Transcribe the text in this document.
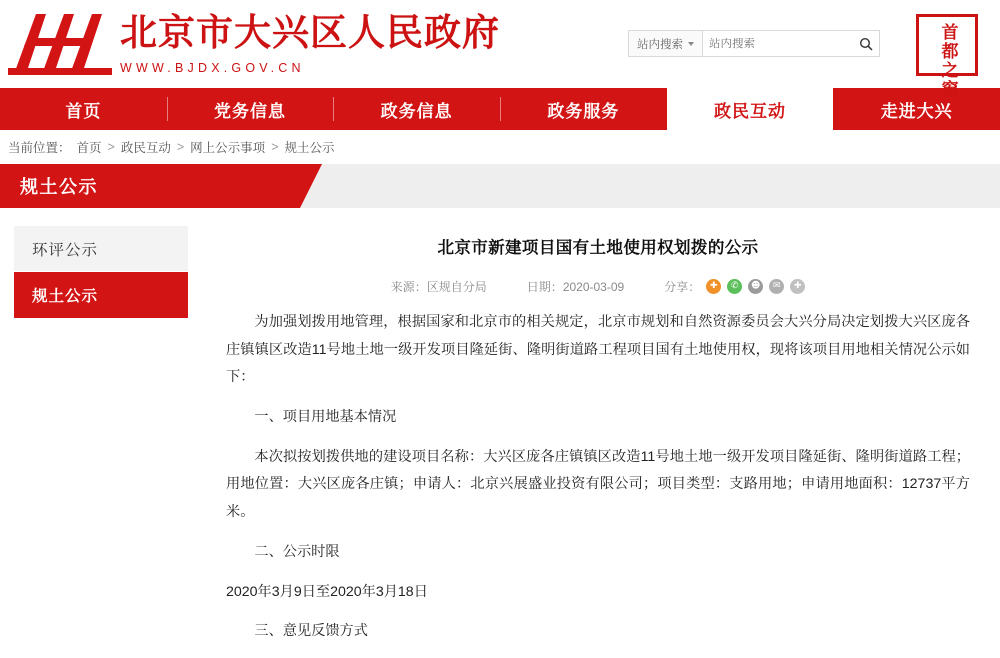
北京市大兴区人民政府
WWW.BJDX.GOV.CN
站内搜索
站内搜索
首
都
之
窗
首页	党务信息	政务信息	政务服务	政民互动	走进大兴
当前位置： 首页 > 政民互动 > 网上公示事项 > 规土公示
规土公示
环评公示
规土公示
北京市新建项目国有土地使用权划拨的公示
来源：区规自分局	日期：2020-03-09	分享：	✚	✆	☻	✉	✚

为加强划拨用地管理，根据国家和北京市的相关规定，北京市规划和自然资源委员会大兴分局决定划拨大兴区庞各庄镇镇区改造11号地土地一级开发项目隆延街、隆明街道路工程项目国有土地使用权，现将该项目用地相关情况公示如下：

一、项目用地基本情况

本次拟按划拨供地的建设项目名称：大兴区庞各庄镇镇区改造11号地土地一级开发项目隆延街、隆明街道路工程；用地位置：大兴区庞各庄镇；申请人：北京兴展盛业投资有限公司；项目类型：支路用地；申请用地面积：12737平方米。

二、公示时限

2020年3月9日至2020年3月18日

三、意见反馈方式
